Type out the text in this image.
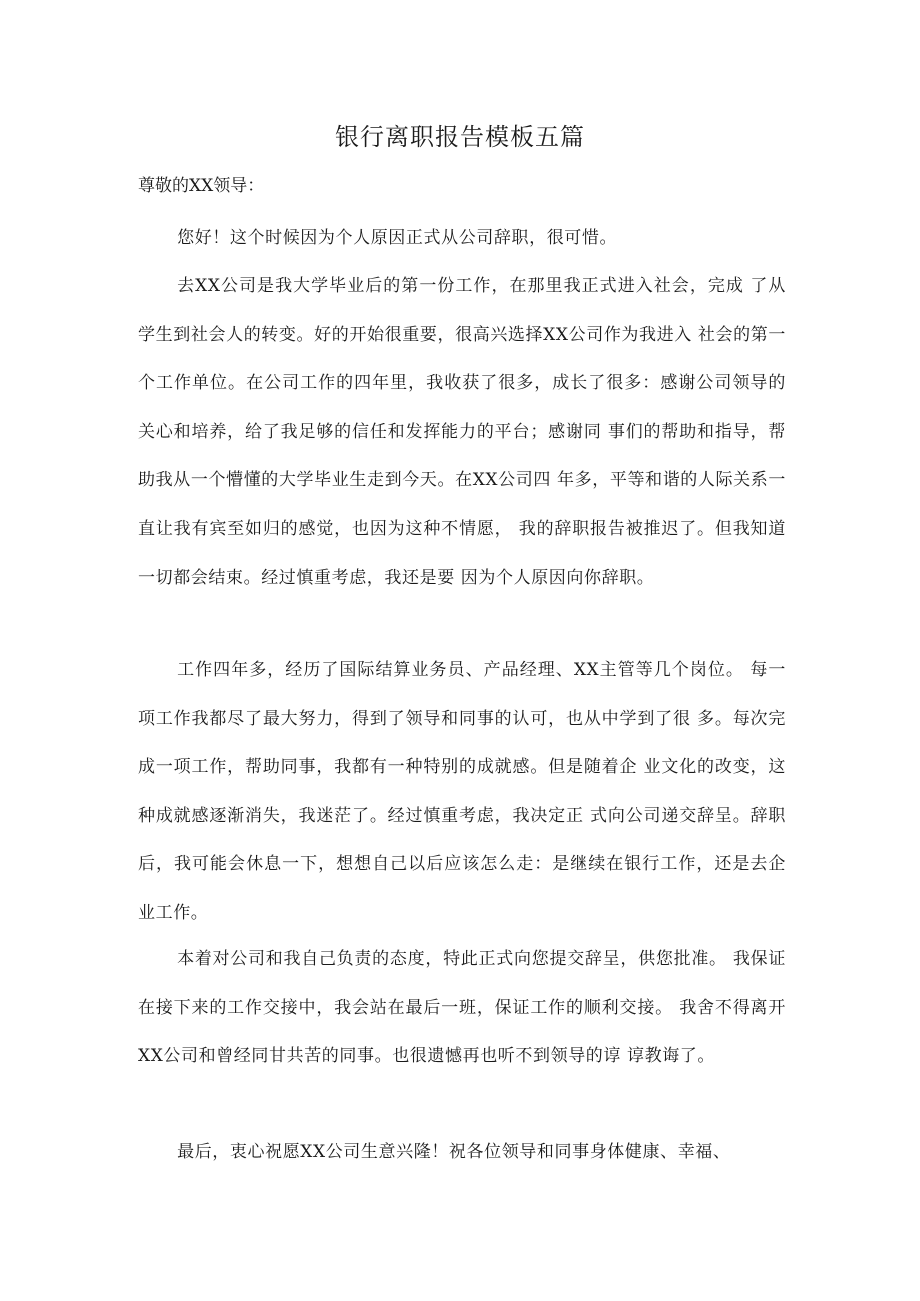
银行离职报告模板五篇

尊敬的XX领导：

您好！这个时候因为个人原因正式从公司辞职，很可惜。

去XX公司是我大学毕业后的第一份工作，在那里我正式进入社会，完成 了从学生到社会人的转变。好的开始很重要，很高兴选择XX公司作为我进入 社会的第一个工作单位。在公司工作的四年里，我收获了很多，成长了很多：感谢公司领导的关心和培养，给了我足够的信任和发挥能力的平台；感谢同 事们的帮助和指导，帮助我从一个懵懂的大学毕业生走到今天。在XX公司四 年多，平等和谐的人际关系一直让我有宾至如归的感觉，也因为这种不情愿， 我的辞职报告被推迟了。但我知道一切都会结束。经过慎重考虑，我还是要 因为个人原因向你辞职。

工作四年多，经历了国际结算业务员、产品经理、XX主管等几个岗位。 每一项工作我都尽了最大努力，得到了领导和同事的认可，也从中学到了很 多。每次完成一项工作，帮助同事，我都有一种特别的成就感。但是随着企 业文化的改变，这种成就感逐渐消失，我迷茫了。经过慎重考虑，我决定正 式向公司递交辞呈。辞职后，我可能会休息一下，想想自己以后应该怎么走：是继续在银行工作，还是去企业工作。

本着对公司和我自己负责的态度，特此正式向您提交辞呈，供您批准。 我保证在接下来的工作交接中，我会站在最后一班，保证工作的顺利交接。 我舍不得离开XX公司和曾经同甘共苦的同事。也很遗憾再也听不到领导的谆 谆教诲了。

最后，衷心祝愿XX公司生意兴隆！祝各位领导和同事身体健康、幸福、
